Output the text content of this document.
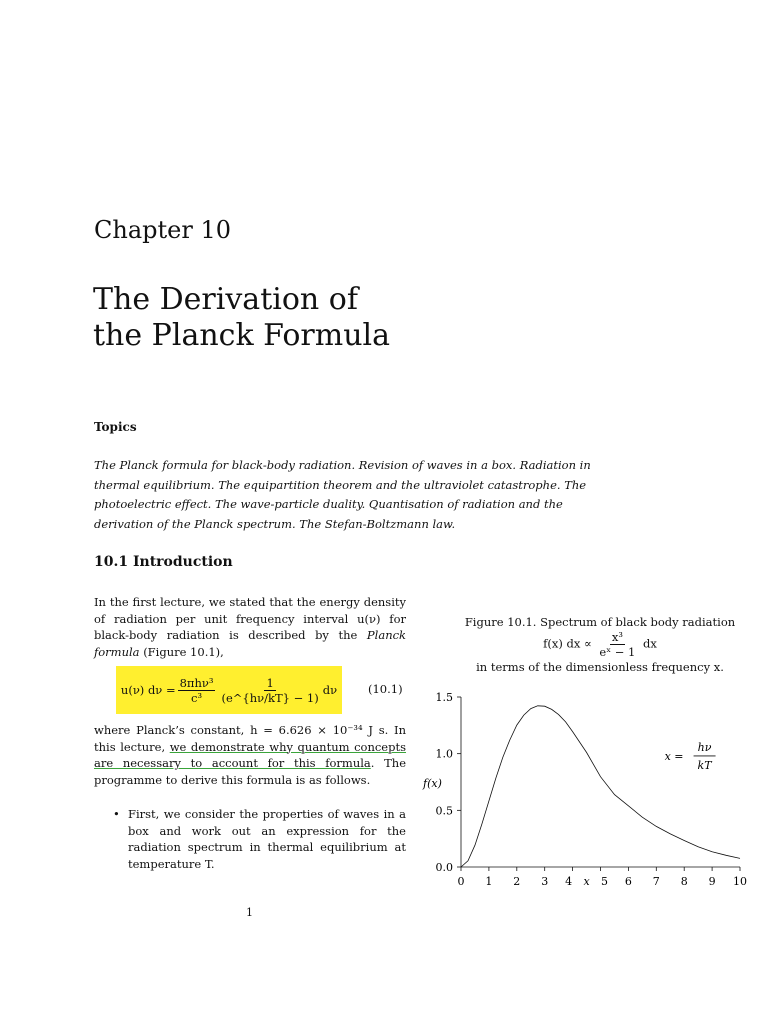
Chapter 10
The Derivation of
the Planck Formula
Topics
The Planck formula for black-body radiation. Revision of waves in a box. Radiation in thermal equilibrium. The equipartition theorem and the ultraviolet catastrophe. The photoelectric effect. The wave-particle duality. Quantisation of radiation and the derivation of the Planck spectrum. The Stefan-Boltzmann law.
10.1 Introduction
In the first lecture, we stated that the energy density of radiation per unit frequency interval u(ν) for black-body radiation is described by the Planck formula (Figure 10.1),
u(ν) $d\nu = \frac{\text{8πhν³}}{\text{c³}} \frac{1}{(e\^{}\{h\nu/kT\} - 1)}$ dν	(10.1)
where Planck’s constant, h = 6.626 × 10⁻³⁴ J s. In this lecture, we demonstrate why quantum concepts are necessary to account for this formula. The programme to derive this formula is as follows.
• First, we consider the properties of waves in a box and work out an expression for the radiation spectrum in thermal equilibrium at temperature T.
1
Figure 10.1. Spectrum of black body radiation
f(x) dx ∝ $\frac{\text{x³}}{\text{eˣ − 1}}$ dx
in terms of the dimensionless frequency x.
0.0
0.5
1.0
1.5
0 1 2 3 4	5 6 7 8 9 10
f(x)
x
x =
hν
kT
